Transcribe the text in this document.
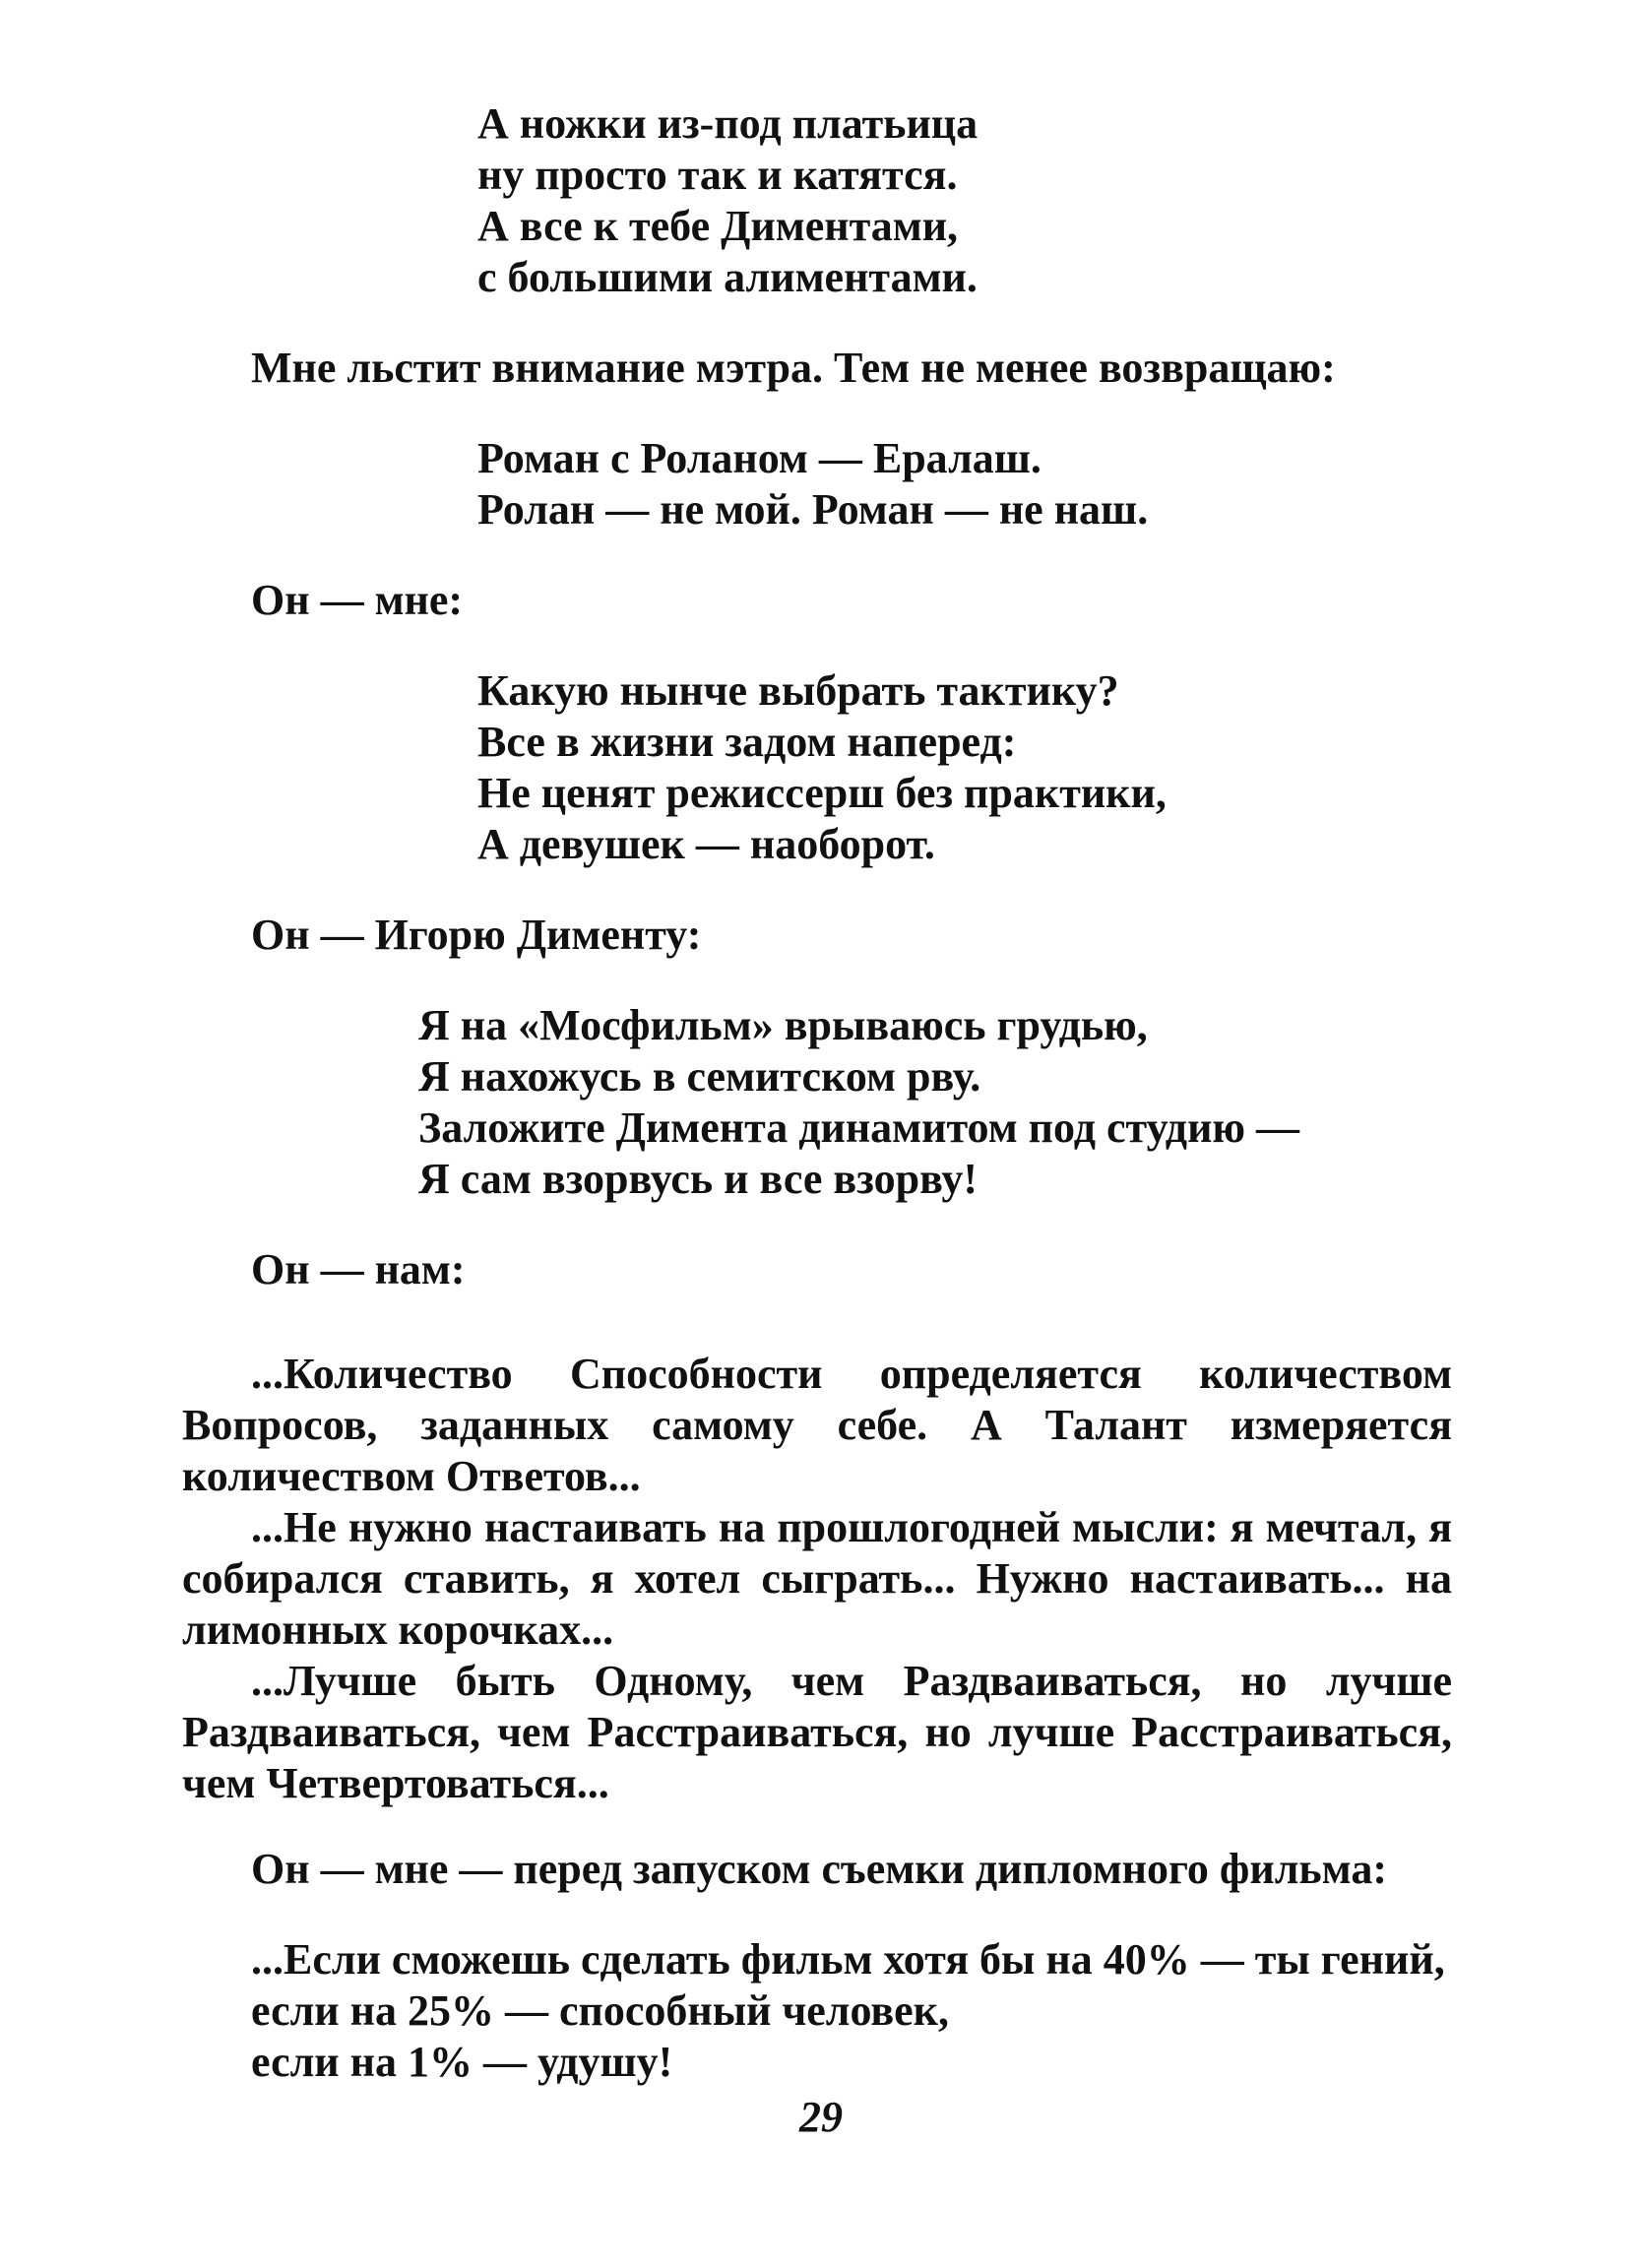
А ножки из-под платьица

ну просто так и катятся.

А все к тебе Диментами,

с большими алиментами.

Мне льстит внимание мэтра. Тем не менее возвращаю:

Роман с Роланом — Ералаш.

Ролан — не мой. Роман — не наш.

Он — мне:

Какую нынче выбрать тактику?

Все в жизни задом наперед:

Не ценят режиссерш без практики,

А девушек — наоборот.

Он — Игорю Дименту:

Я на «Мосфильм» врываюсь грудью,

Я нахожусь в семитском рву.

Заложите Димента динамитом под студию —

Я сам взорвусь и все взорву!

Он — нам:

...Количество Способности определяется количеством Вопросов, заданных самому себе. А Талант измеряется количеством Ответов...

...Не нужно настаивать на прошлогодней мысли: я мечтал, я собирался ставить, я хотел сыграть... Нужно настаивать... на лимонных корочках...

...Лучше быть Одному, чем Раздваиваться, но лучше Раздваиваться, чем Расстраиваться, но лучше Расстраиваться, чем Четвертоваться...

Он — мне — перед запуском съемки дипломного фильма:

...Если сможешь сделать фильм хотя бы на 40% — ты гений,

если на 25% — способный человек,

если на 1% — удушу!

29
